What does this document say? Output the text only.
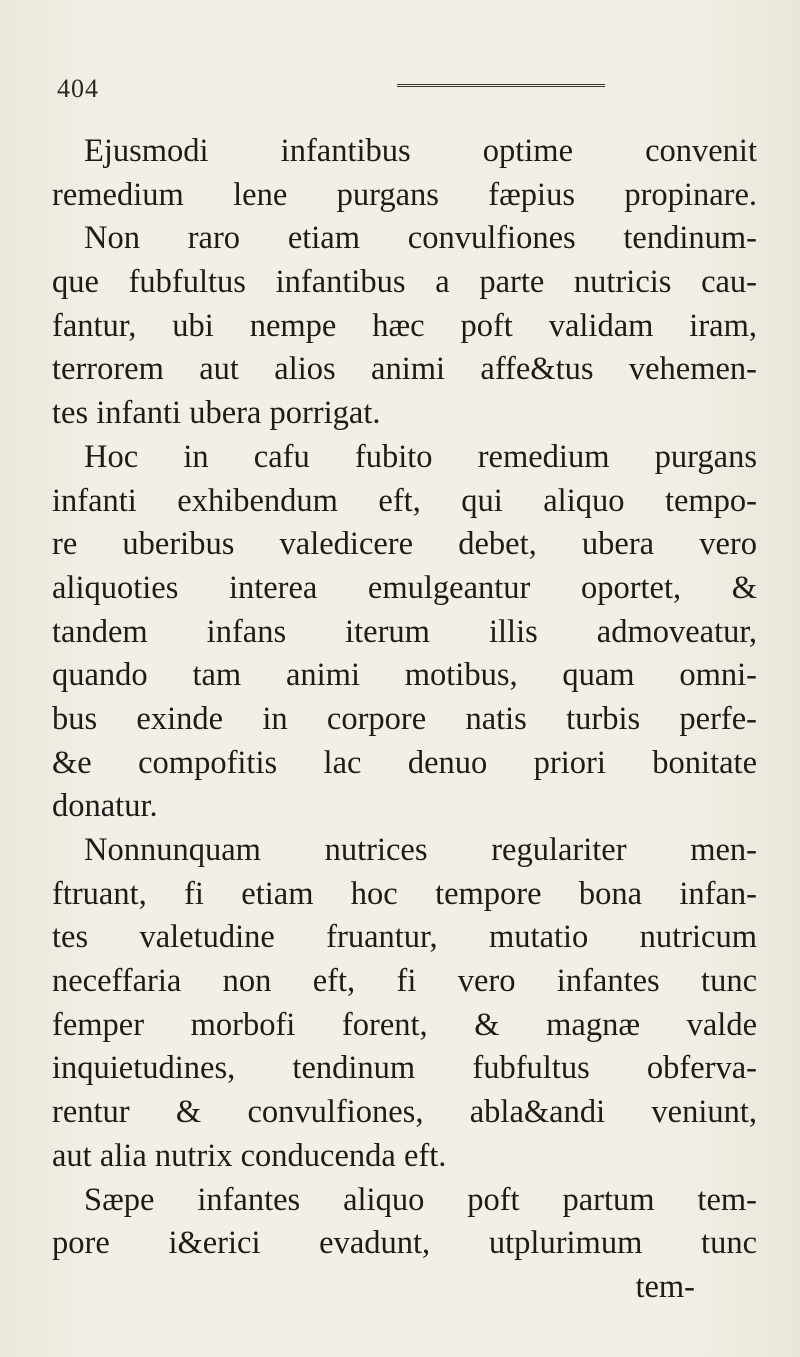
404
Ejusmodi infantibus optime convenit
remedium lene purgans fæpius propinare.
Non raro etiam convulfiones tendinum-
que fubfultus infantibus a parte nutricis cau-
fantur, ubi nempe hæc poft validam iram,
terrorem aut alios animi affe&tus vehemen-
tes infanti ubera porrigat.
Hoc in cafu fubito remedium purgans
infanti exhibendum eft, qui aliquo tempo-
re uberibus valedicere debet, ubera vero
aliquoties interea emulgeantur oportet, &
tandem infans iterum illis admoveatur,
quando tam animi motibus, quam omni-
bus exinde in corpore natis turbis perfe-
&e compofitis lac denuo priori bonitate
donatur.
Nonnunquam nutrices regulariter men-
ftruant, fi etiam hoc tempore bona infan-
tes valetudine fruantur, mutatio nutricum
neceffaria non eft, fi vero infantes tunc
femper morbofi forent, & magnæ valde
inquietudines, tendinum fubfultus obferva-
rentur & convulfiones, abla&andi veniunt,
aut alia nutrix conducenda eft.
Sæpe infantes aliquo poft partum tem-
pore i&erici evadunt, utplurimum tunc
tem-
